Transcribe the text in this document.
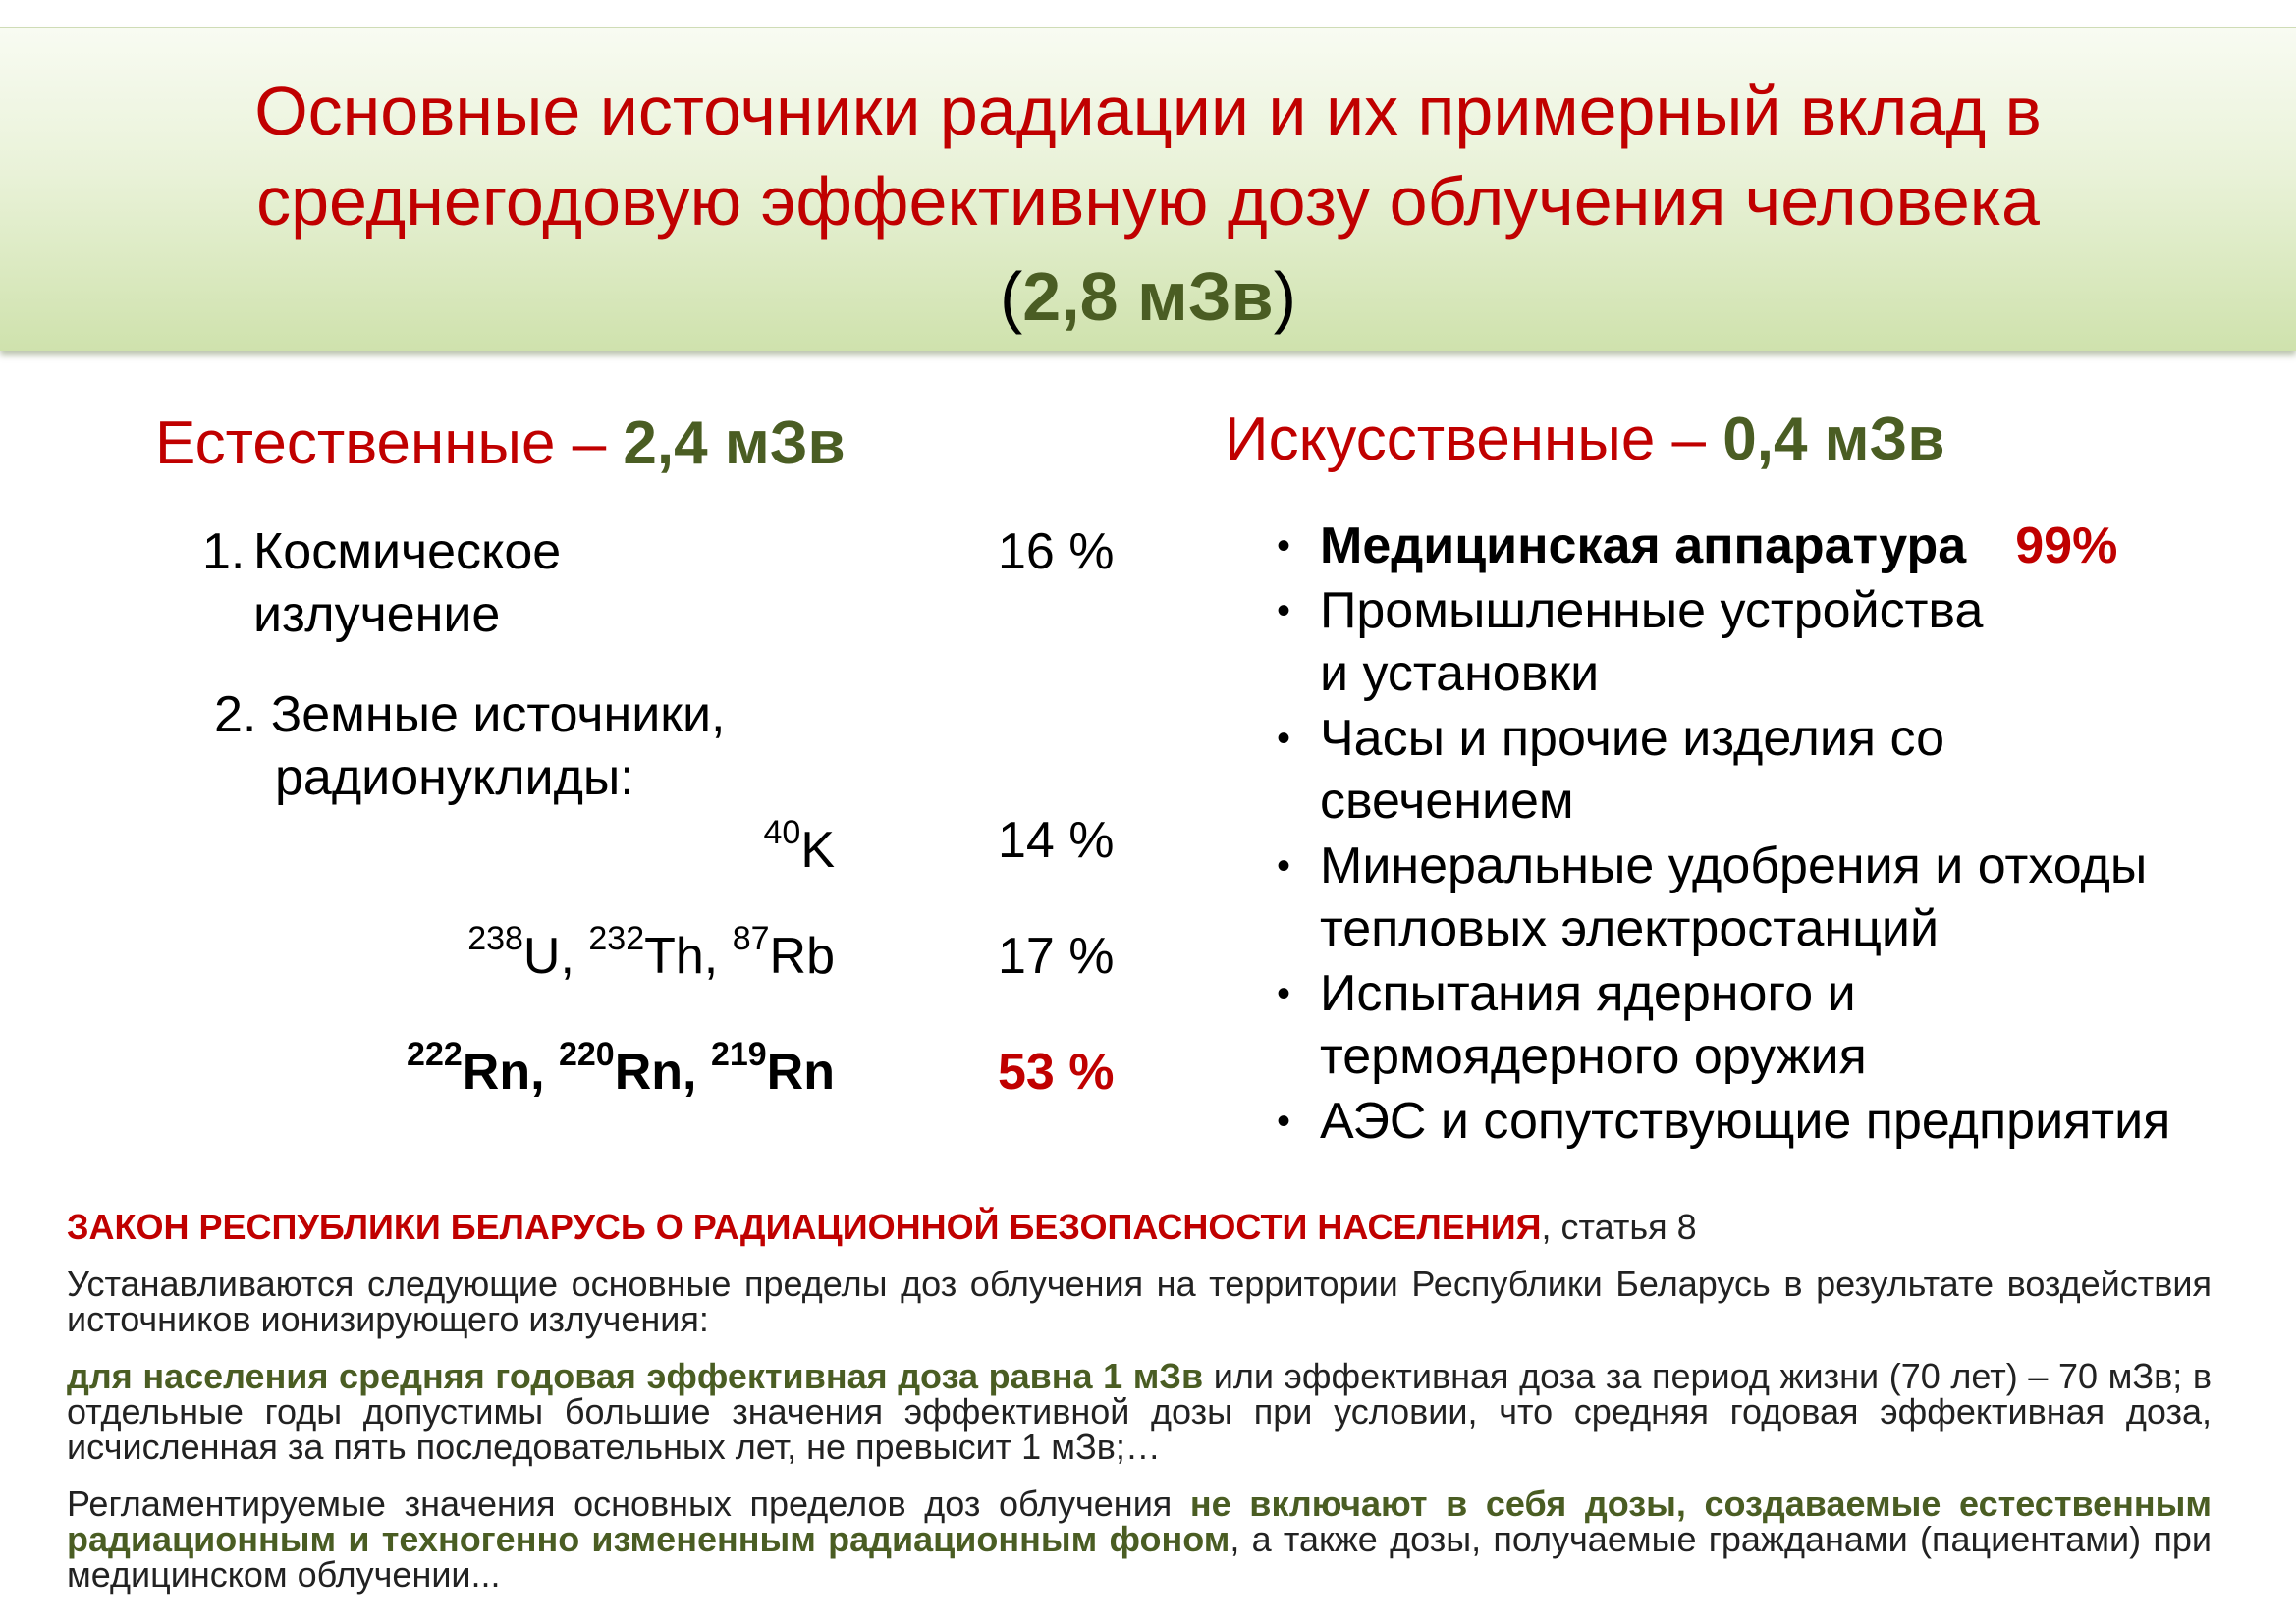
Основные источники радиации и их примерный вклад в
среднегодовую эффективную дозу облучения человека
(2,8 мЗв)
Естественные – 2,4 мЗв
1. Космическое
излучение
16 %
2. Земные источники,
радионуклиды:
$^{40}$K	14 %
$^{238}$U, $^{232}$Th, $^{87}$Rb	17 %
$^{222}$Rn, $^{220}$Rn, $^{219}$Rn	53 %
Искусственные – 0,4 мЗв
• Медицинская аппаратура 99%
• Промышленные устройства
и установки
• Часы и прочие изделия со
свечением
• Минеральные удобрения и отходы
тепловых электростанций
• Испытания ядерного и
термоядерного оружия
• АЭС и сопутствующие предприятия

ЗАКОН РЕСПУБЛИКИ БЕЛАРУСЬ О РАДИАЦИОННОЙ БЕЗОПАСНОСТИ НАСЕЛЕНИЯ, статья 8

Устанавливаются следующие основные пределы доз облучения на территории Республики Беларусь в результате воздействия источников ионизирующего излучения:

для населения средняя годовая эффективная доза равна 1 мЗв или эффективная доза за период жизни (70 лет) – 70 мЗв; в отдельные годы допустимы большие значения эффективной дозы при условии, что средняя годовая эффективная доза, исчисленная за пять последовательных лет, не превысит 1 мЗв;…

Регламентируемые значения основных пределов доз облучения не включают в себя дозы, создаваемые естественным радиационным и техногенно измененным радиационным фоном, а также дозы, получаемые гражданами (пациентами) при медицинском облучении...
